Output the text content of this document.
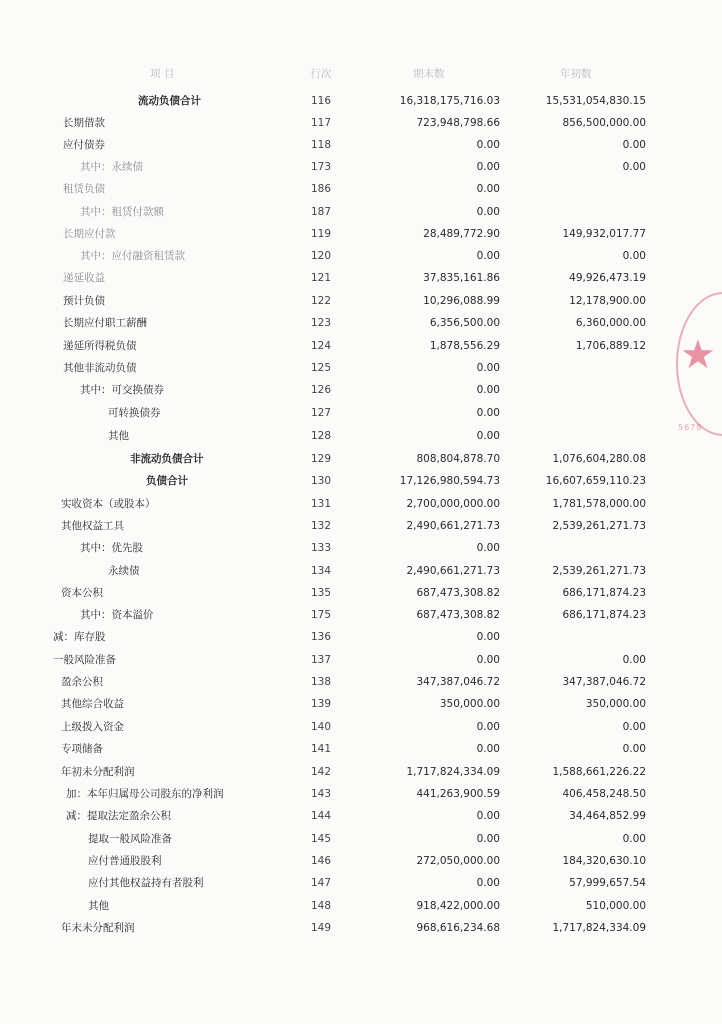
项 目	行次	期末数	年初数
流动负债合计	116	16,318,175,716.03	15,531,054,830.15
长期借款	117	723,948,798.66	856,500,000.00
应付债券	118	0.00	0.00
其中：永续债	173	0.00	0.00
租赁负债	186	0.00
其中：租赁付款额	187	0.00
长期应付款	119	28,489,772.90	149,932,017.77
其中：应付融资租赁款	120	0.00	0.00
递延收益	121	37,835,161.86	49,926,473.19
预计负债	122	10,296,088.99	12,178,900.00
长期应付职工薪酬	123	6,356,500.00	6,360,000.00
递延所得税负债	124	1,878,556.29	1,706,889.12
其他非流动负债	125	0.00
其中：可交换债券	126	0.00
可转换债券	127	0.00
其他	128	0.00
非流动负债合计	129	808,804,878.70	1,076,604,280.08
负债合计	130	17,126,980,594.73	16,607,659,110.23
实收资本（或股本）	131	2,700,000,000.00	1,781,578,000.00
其他权益工具	132	2,490,661,271.73	2,539,261,271.73
其中：优先股	133	0.00
永续债	134	2,490,661,271.73	2,539,261,271.73
资本公积	135	687,473,308.82	686,171,874.23
其中：资本溢价	175	687,473,308.82	686,171,874.23
减：库存股	136	0.00
一般风险准备	137	0.00	0.00
盈余公积	138	347,387,046.72	347,387,046.72
其他综合收益	139	350,000.00	350,000.00
上级拨入资金	140	0.00	0.00
专项储备	141	0.00	0.00
年初未分配利润	142	1,717,824,334.09	1,588,661,226.22
加：本年归属母公司股东的净利润	143	441,263,900.59	406,458,248.50
减：提取法定盈余公积	144	0.00	34,464,852.99
提取一般风险准备	145	0.00	0.00
应付普通股股利	146	272,050,000.00	184,320,630.10
应付其他权益持有者股利	147	0.00	57,999,657.54
其他	148	918,422,000.00	510,000.00
年末未分配利润	149	968,616,234.68	1,717,824,334.09
★
5678
